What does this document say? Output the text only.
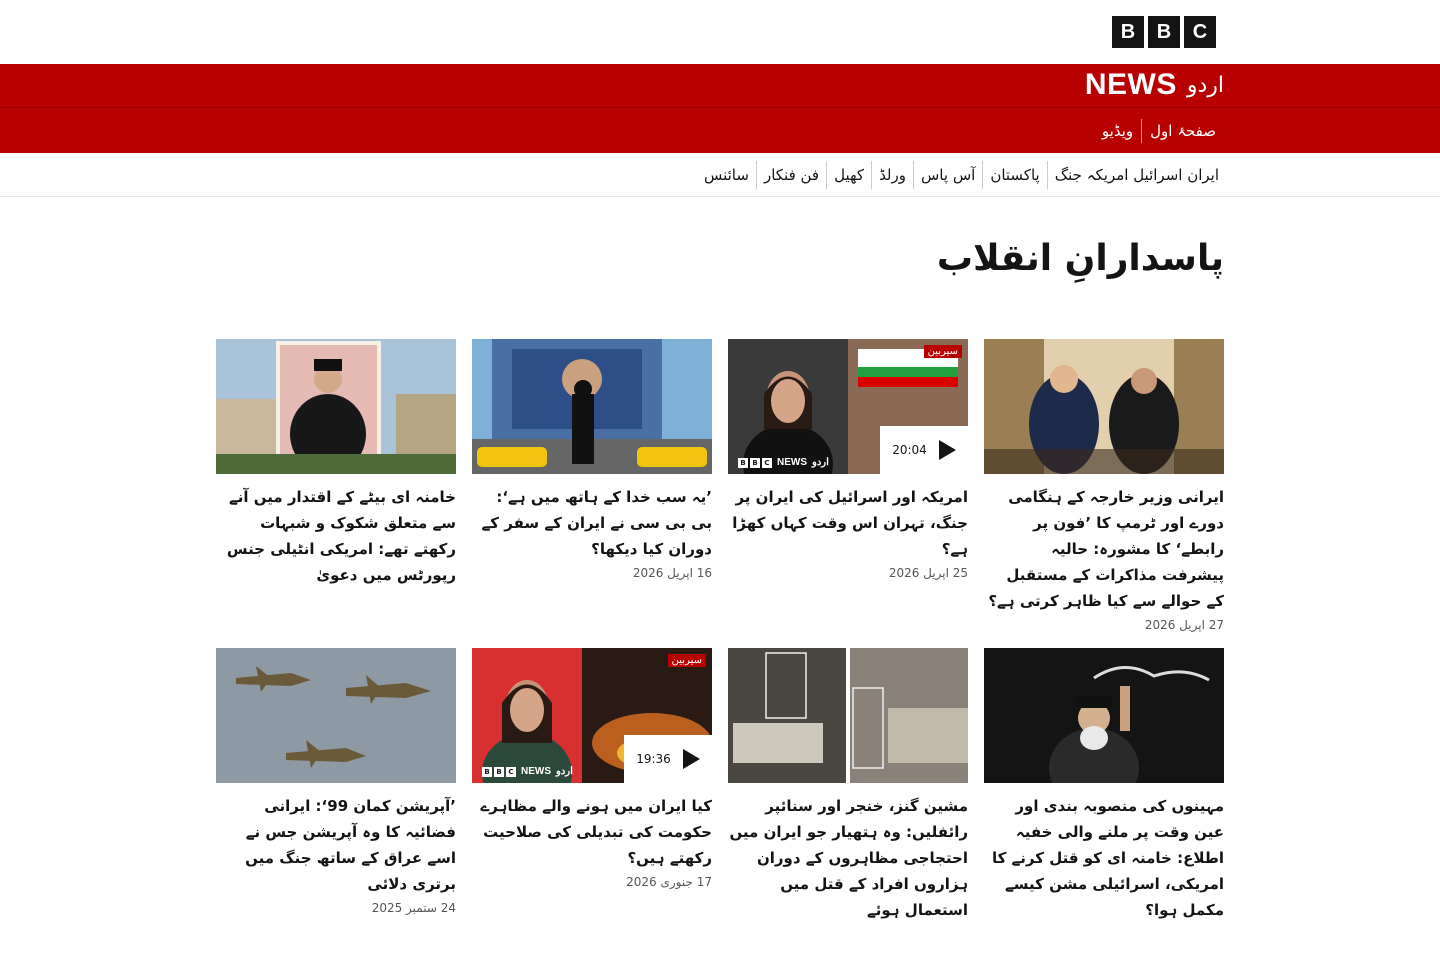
B	B	C
NEWS اردو
صفحۂ اول
ویڈیو
ایران اسرائیل امریکہ جنگ
پاکستان
آس پاس
ورلڈ
کھیل
فن فنکار
سائنس
پاسدارانِ انقلاب
ایرانی وزیر خارجہ کے ہنگامی دورے اور ٹرمپ کا ’فون پر رابطے‘ کا مشورہ: حالیہ پیشرفت مذاکرات کے مستقبل کے حوالے سے کیا ظاہر کرتی ہے؟
27 اپریل 2026
سیربین
B B C NEWS اردو
20:04
امریکہ اور اسرائیل کی ایران پر جنگ، تہران اس وقت کہاں کھڑا ہے؟
25 اپریل 2026
’یہ سب خدا کے ہاتھ میں ہے‘: بی بی سی نے ایران کے سفر کے دوران کیا دیکھا؟
16 اپریل 2026
خامنہ ای بیٹے کے اقتدار میں آنے سے متعلق شکوک و شبہات رکھتے تھے: امریکی انٹیلی جنس رپورٹس میں دعویٰ
مہینوں کی منصوبہ بندی اور عین وقت پر ملنے والی خفیہ اطلاع: خامنہ ای کو قتل کرنے کا امریکی، اسرائیلی مشن کیسے مکمل ہوا؟
مشین گنز، خنجر اور سنائپر رائفلیں: وہ ہتھیار جو ایران میں احتجاجی مظاہروں کے دوران ہزاروں افراد کے قتل میں استعمال ہوئے
سیربین
B B C NEWS اردو
19:36
کیا ایران میں ہونے والے مظاہرے حکومت کی تبدیلی کی صلاحیت رکھتے ہیں؟
17 جنوری 2026
’آپریشن کمان 99‘: ایرانی فضائیہ کا وہ آپریشن جس نے اسے عراق کے ساتھ جنگ میں برتری دلائی
24 ستمبر 2025
